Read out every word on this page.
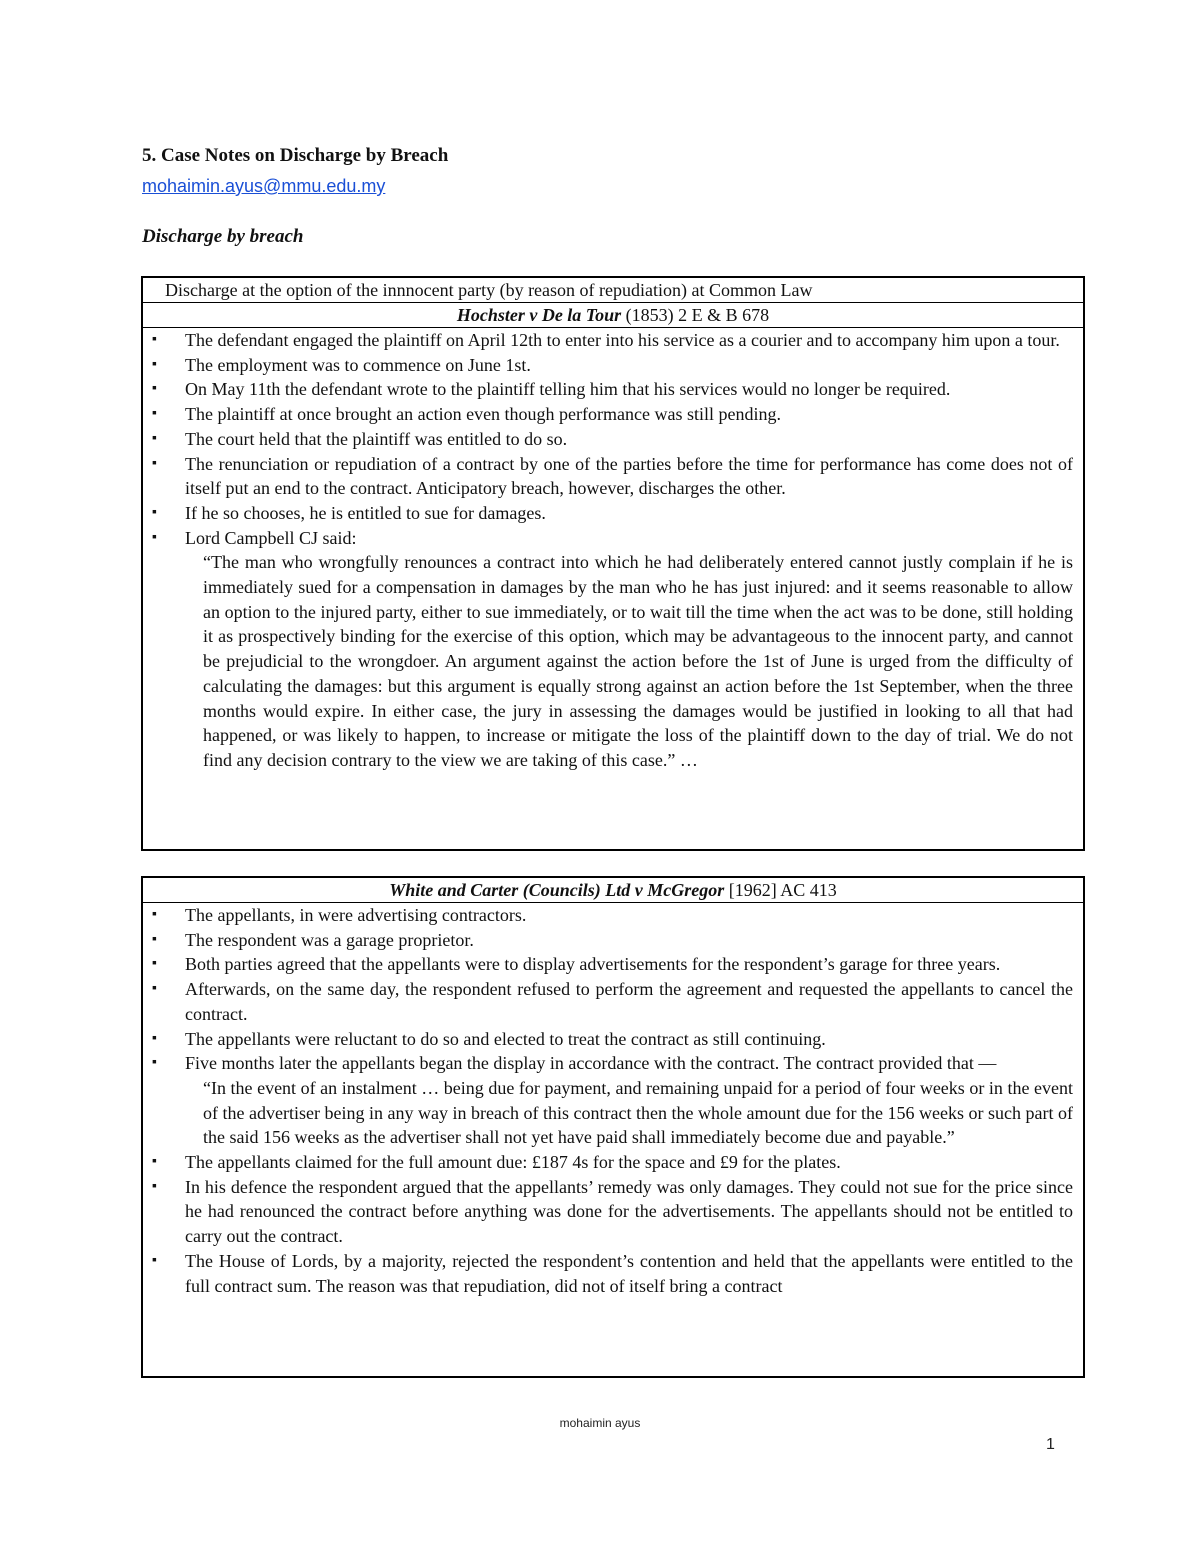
5. Case Notes on Discharge by Breach
mohaimin.ayus@mmu.edu.my
Discharge by breach
Discharge at the option of the innnocent party (by reason of repudiation) at Common Law
Hochster v De la Tour (1853) 2 E & B 678
▪ The defendant engaged the plaintiff on April 12th to enter into his service as a courier and to accompany him upon a tour.
▪ The employment was to commence on June 1st.
▪ On May 11th the defendant wrote to the plaintiff telling him that his services would no longer be required.
▪ The plaintiff at once brought an action even though performance was still pending.
▪ The court held that the plaintiff was entitled to do so.
▪ The renunciation or repudiation of a contract by one of the parties before the time for performance has come does not of itself put an end to the contract. Anticipatory breach, however, discharges the other.
▪ If he so chooses, he is entitled to sue for damages.
▪ Lord Campbell CJ said:
“The man who wrongfully renounces a contract into which he had deliberately entered cannot justly complain if he is immediately sued for a compensation in damages by the man who he has just injured: and it seems reasonable to allow an option to the injured party, either to sue immediately, or to wait till the time when the act was to be done, still holding it as prospectively binding for the exercise of this option, which may be advantageous to the innocent party, and cannot be prejudicial to the wrongdoer. An argument against the action before the 1st of June is urged from the difficulty of calculating the damages: but this argument is equally strong against an action before the 1st September, when the three months would expire. In either case, the jury in assessing the damages would be justified in looking to all that had happened, or was likely to happen, to increase or mitigate the loss of the plaintiff down to the day of trial. We do not find any decision contrary to the view we are taking of this case.” …
White and Carter (Councils) Ltd v McGregor [1962] AC 413
▪ The appellants, in were advertising contractors.
▪ The respondent was a garage proprietor.
▪ Both parties agreed that the appellants were to display advertisements for the respondent’s garage for three years.
▪ Afterwards, on the same day, the respondent refused to perform the agreement and requested the appellants to cancel the contract.
▪ The appellants were reluctant to do so and elected to treat the contract as still continuing.
▪ Five months later the appellants began the display in accordance with the contract. The contract provided that —
“In the event of an instalment … being due for payment, and remaining unpaid for a period of four weeks or in the event of the advertiser being in any way in breach of this contract then the whole amount due for the 156 weeks or such part of the said 156 weeks as the advertiser shall not yet have paid shall immediately become due and payable.”
▪ The appellants claimed for the full amount due: £187 4s for the space and £9 for the plates.
▪ In his defence the respondent argued that the appellants’ remedy was only damages. They could not sue for the price since he had renounced the contract before anything was done for the advertisements. The appellants should not be entitled to carry out the contract.
▪ The House of Lords, by a majority, rejected the respondent’s contention and held that the appellants were entitled to the full contract sum. The reason was that repudiation, did not of itself bring a contract
mohaimin ayus
1
